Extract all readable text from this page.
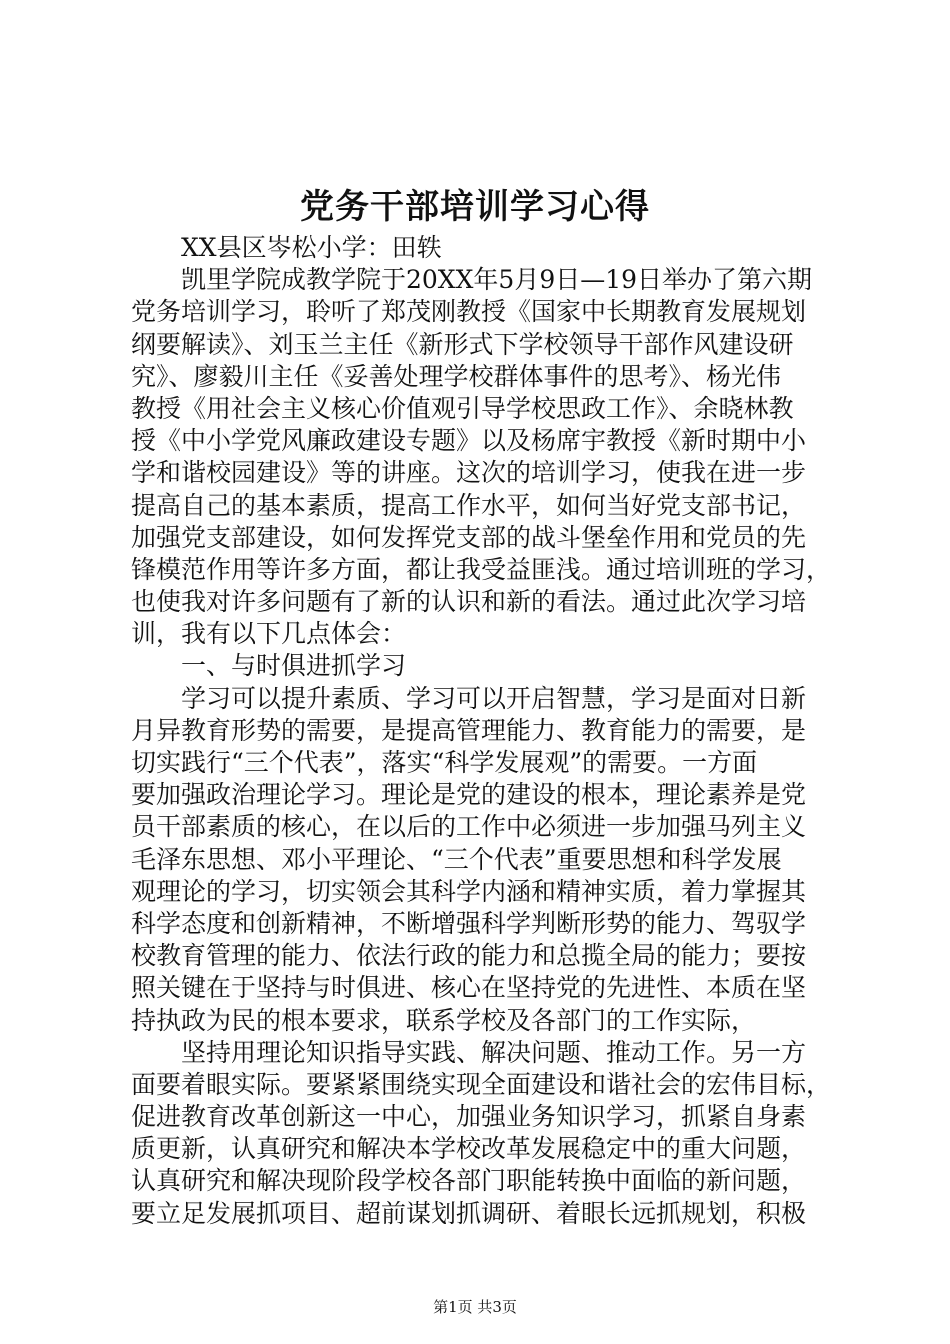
党务干部培训学习心得
XX县区岑松小学：田轶
凯里学院成教学院于20XX年5月9日—19日举办了第六期
党务培训学习，聆听了郑茂刚教授《国家中长期教育发展规划
纲要解读》、刘玉兰主任《新形式下学校领导干部作风建设研
究》、廖毅川主任《妥善处理学校群体事件的思考》、杨光伟
教授《用社会主义核心价值观引导学校思政工作》、余晓林教
授《中小学党风廉政建设专题》以及杨席宇教授《新时期中小
学和谐校园建设》等的讲座。这次的培训学习，使我在进一步
提高自己的基本素质，提高工作水平，如何当好党支部书记，
加强党支部建设，如何发挥党支部的战斗堡垒作用和党员的先
锋模范作用等许多方面，都让我受益匪浅。通过培训班的学习，
也使我对许多问题有了新的认识和新的看法。通过此次学习培
训，我有以下几点体会：
一、与时俱进抓学习
学习可以提升素质、学习可以开启智慧，学习是面对日新
月异教育形势的需要，是提高管理能力、教育能力的需要，是
切实践行“三个代表”，落实“科学发展观”的需要。一方面
要加强政治理论学习。理论是党的建设的根本，理论素养是党
员干部素质的核心，在以后的工作中必须进一步加强马列主义
毛泽东思想、邓小平理论、“三个代表”重要思想和科学发展
观理论的学习，切实领会其科学内涵和精神实质，着力掌握其
科学态度和创新精神，不断增强科学判断形势的能力、驾驭学
校教育管理的能力、依法行政的能力和总揽全局的能力；要按
照关键在于坚持与时俱进、核心在坚持党的先进性、本质在坚
持执政为民的根本要求，联系学校及各部门的工作实际，
坚持用理论知识指导实践、解决问题、推动工作。另一方
面要着眼实际。要紧紧围绕实现全面建设和谐社会的宏伟目标，
促进教育改革创新这一中心，加强业务知识学习，抓紧自身素
质更新，认真研究和解决本学校改革发展稳定中的重大问题，
认真研究和解决现阶段学校各部门职能转换中面临的新问题，
要立足发展抓项目、超前谋划抓调研、着眼长远抓规划，积极
第1页 共3页
